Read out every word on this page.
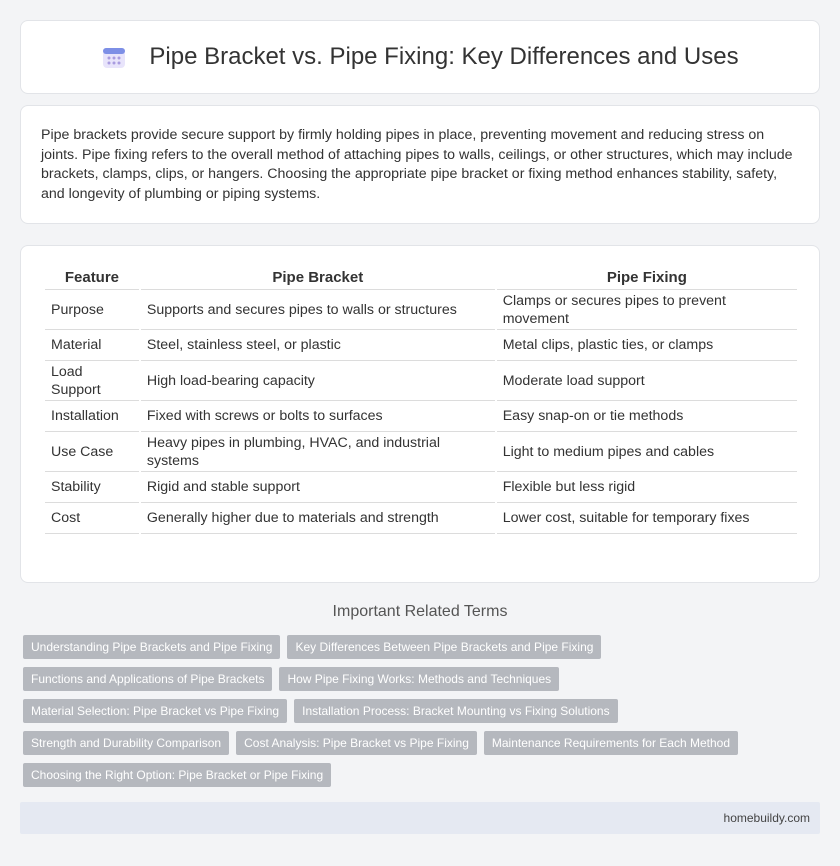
Pipe Bracket vs. Pipe Fixing: Key Differences and Uses

Pipe brackets provide secure support by firmly holding pipes in place, preventing movement and reducing stress on joints. Pipe fixing refers to the overall method of attaching pipes to walls, ceilings, or other structures, which may include brackets, clamps, clips, or hangers. Choosing the appropriate pipe bracket or fixing method enhances stability, safety, and longevity of plumbing or piping systems.

Feature	Pipe Bracket	Pipe Fixing
Purpose	Supports and secures pipes to walls or structures	Clamps or secures pipes to prevent movement
Material	Steel, stainless steel, or plastic	Metal clips, plastic ties, or clamps
Load Support	High load-bearing capacity	Moderate load support
Installation	Fixed with screws or bolts to surfaces	Easy snap-on or tie methods
Use Case	Heavy pipes in plumbing, HVAC, and industrial systems	Light to medium pipes and cables
Stability	Rigid and stable support	Flexible but less rigid
Cost	Generally higher due to materials and strength	Lower cost, suitable for temporary fixes
Important Related Terms
Understanding Pipe Brackets and Pipe Fixing	Key Differences Between Pipe Brackets and Pipe Fixing
Functions and Applications of Pipe Brackets	How Pipe Fixing Works: Methods and Techniques
Material Selection: Pipe Bracket vs Pipe Fixing	Installation Process: Bracket Mounting vs Fixing Solutions
Strength and Durability Comparison	Cost Analysis: Pipe Bracket vs Pipe Fixing	Maintenance Requirements for Each Method
Choosing the Right Option: Pipe Bracket or Pipe Fixing
homebuildy.com
